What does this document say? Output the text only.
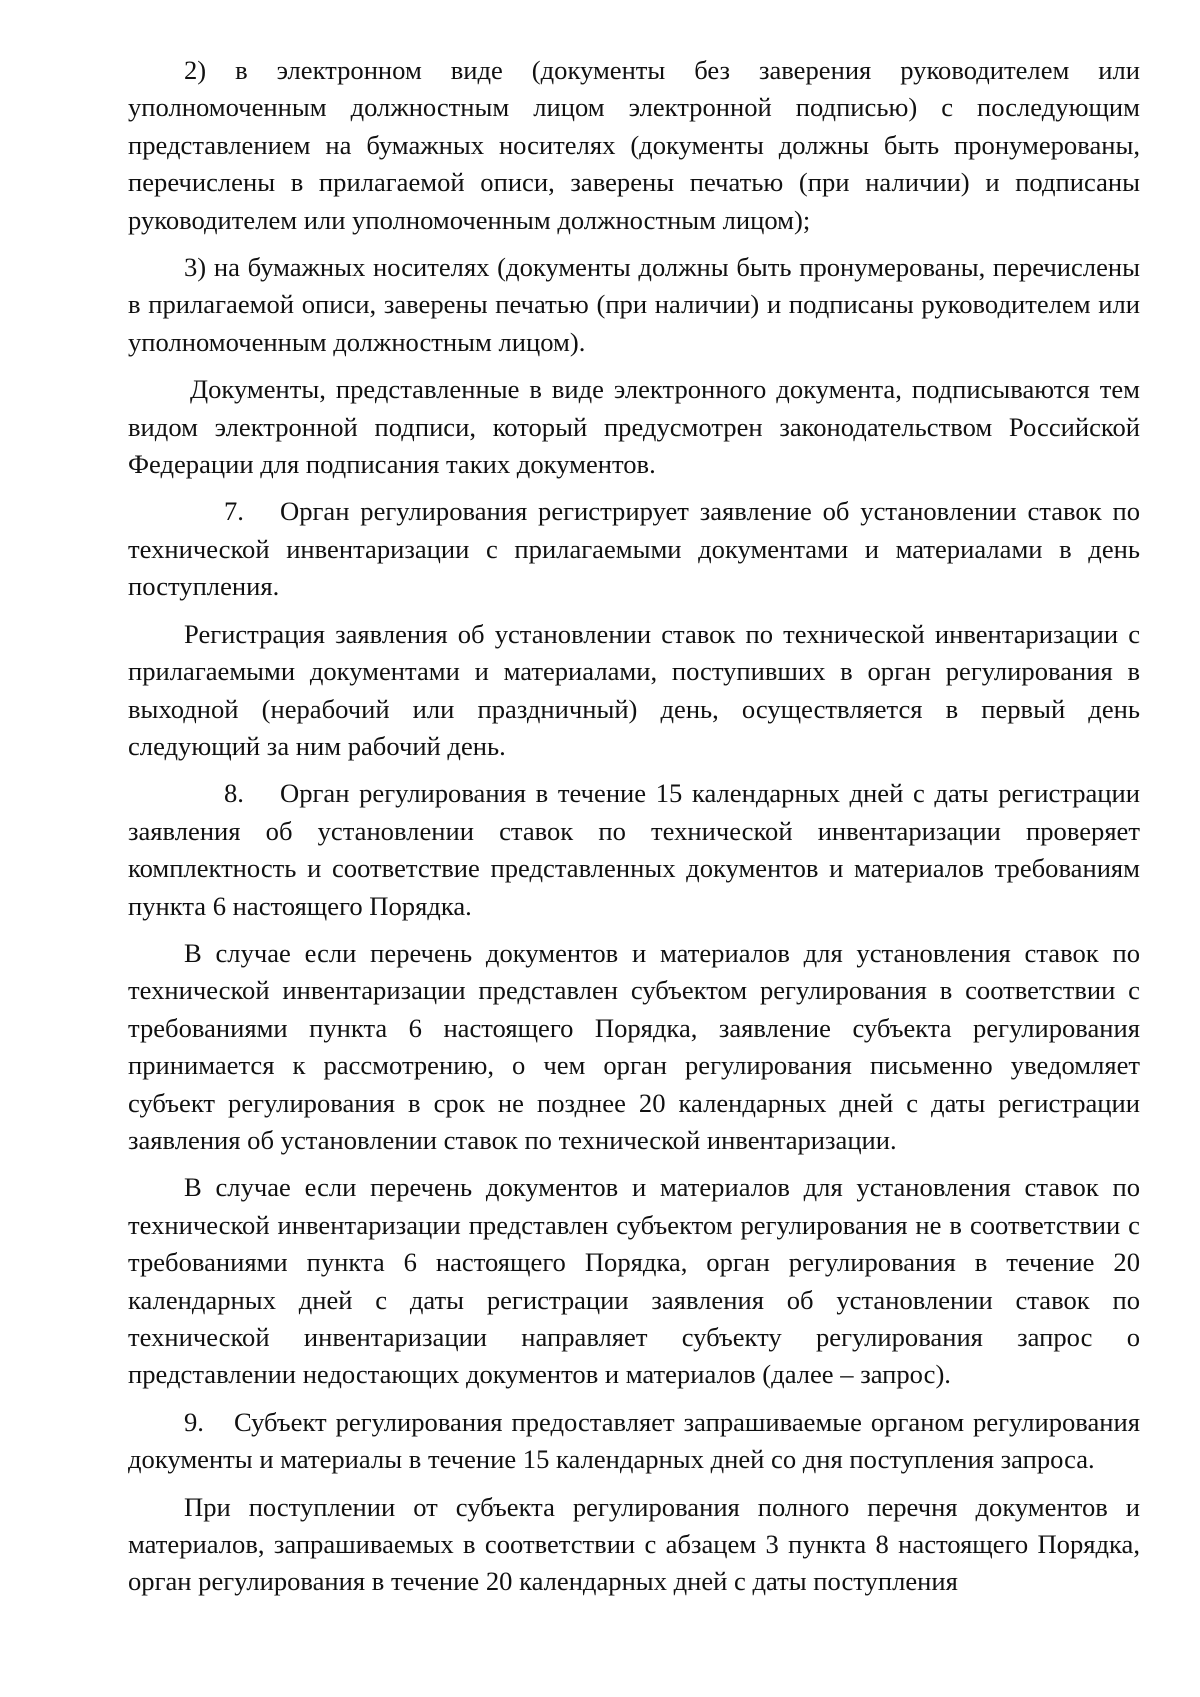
2) в электронном виде (документы без заверения руководителем или уполномоченным должностным лицом электронной подписью) с последующим представлением на бумажных носителях (документы должны быть пронумерованы, перечислены в прилагаемой описи, заверены печатью (при наличии) и подписаны руководителем или уполномоченным должностным лицом);

3) на бумажных носителях (документы должны быть пронумерованы, перечислены в прилагаемой описи, заверены печатью (при наличии) и подписаны руководителем или уполномоченным должностным лицом).

Документы, представленные в виде электронного документа, подписываются тем видом электронной подписи, который предусмотрен законодательством Российской Федерации для подписания таких документов.

7. Орган регулирования регистрирует заявление об установлении ставок по технической инвентаризации с прилагаемыми документами и материалами в день поступления.

Регистрация заявления об установлении ставок по технической инвентаризации с прилагаемыми документами и материалами, поступивших в орган регулирования в выходной (нерабочий или праздничный) день, осуществляется в первый день следующий за ним рабочий день.

8. Орган регулирования в течение 15 календарных дней с даты регистрации заявления об установлении ставок по технической инвентаризации проверяет комплектность и соответствие представленных документов и материалов требованиям пункта 6 настоящего Порядка.

В случае если перечень документов и материалов для установления ставок по технической инвентаризации представлен субъектом регулирования в соответствии с требованиями пункта 6 настоящего Порядка, заявление субъекта регулирования принимается к рассмотрению, о чем орган регулирования письменно уведомляет субъект регулирования в срок не позднее 20 календарных дней с даты регистрации заявления об установлении ставок по технической инвентаризации.

В случае если перечень документов и материалов для установления ставок по технической инвентаризации представлен субъектом регулирования не в соответствии с требованиями пункта 6 настоящего Порядка, орган регулирования в течение 20 календарных дней с даты регистрации заявления об установлении ставок по технической инвентаризации направляет субъекту регулирования запрос о представлении недостающих документов и материалов (далее – запрос).

9. Субъект регулирования предоставляет запрашиваемые органом регулирования документы и материалы в течение 15 календарных дней со дня поступления запроса.

При поступлении от субъекта регулирования полного перечня документов и материалов, запрашиваемых в соответствии с абзацем 3 пункта 8 настоящего Порядка, орган регулирования в течение 20 календарных дней с даты поступления
